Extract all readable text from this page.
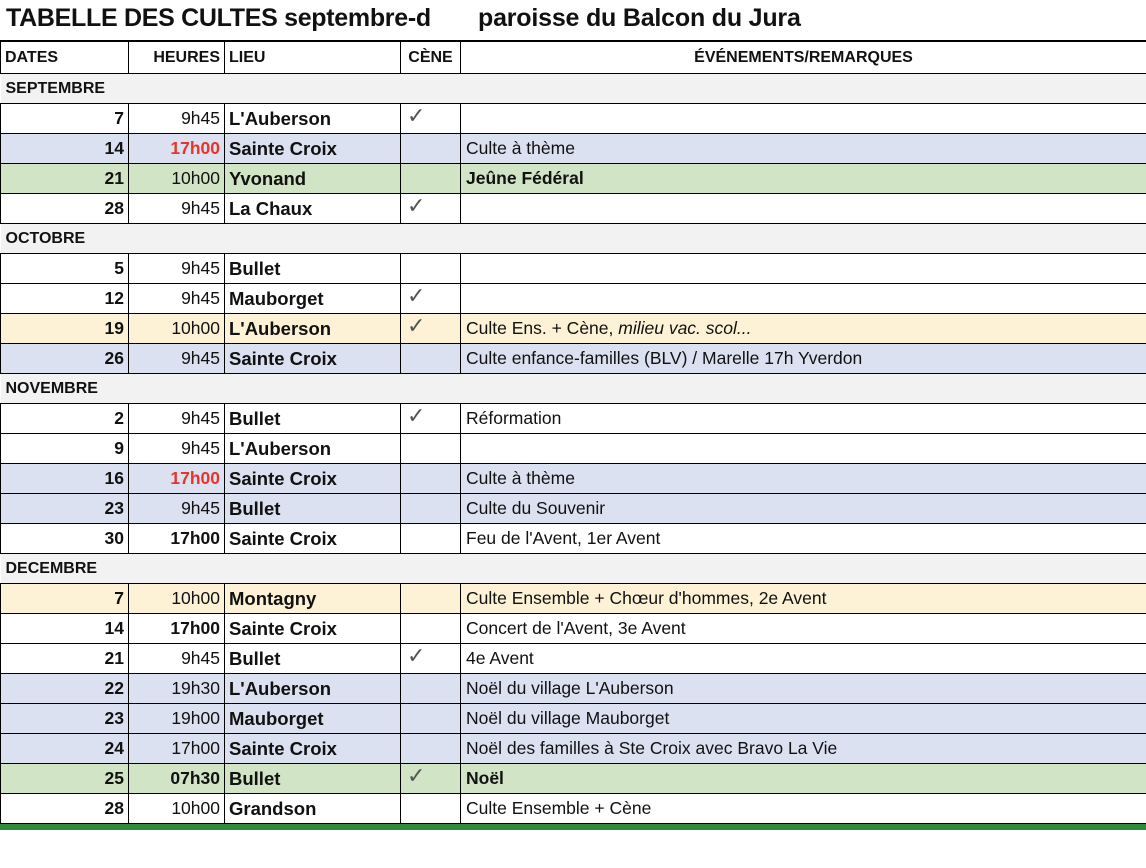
TABELLE DES CULTES septembre-d	paroisse du Balcon du Jura
DATES	HEURES	LIEU	CÈNE	ÉVÉNEMENTS/REMARQUES
SEPTEMBRE				
7	9h45	L'Auberson	✓	
14	17h00	Sainte Croix		Culte à thème
21	10h00	Yvonand		Jeûne Fédéral
28	9h45	La Chaux	✓	
OCTOBRE				
5	9h45	Bullet		
12	9h45	Mauborget	✓	
19	10h00	L'Auberson	✓	Culte Ens. + Cène, milieu vac. scol...
26	9h45	Sainte Croix		Culte enfance-familles (BLV) / Marelle 17h Yverdon
NOVEMBRE				
2	9h45	Bullet	✓	Réformation
9	9h45	L'Auberson		
16	17h00	Sainte Croix		Culte à thème
23	9h45	Bullet		Culte du Souvenir
30	17h00	Sainte Croix		Feu de l'Avent, 1er Avent
DECEMBRE				
7	10h00	Montagny		Culte Ensemble + Chœur d'hommes, 2e Avent
14	17h00	Sainte Croix		Concert de l'Avent, 3e Avent
21	9h45	Bullet	✓	4e Avent
22	19h30	L'Auberson		Noël du village L'Auberson
23	19h00	Mauborget		Noël du village Mauborget
24	17h00	Sainte Croix		Noël des familles à Ste Croix avec Bravo La Vie
25	07h30	Bullet	✓	Noël
28	10h00	Grandson		Culte Ensemble + Cène
